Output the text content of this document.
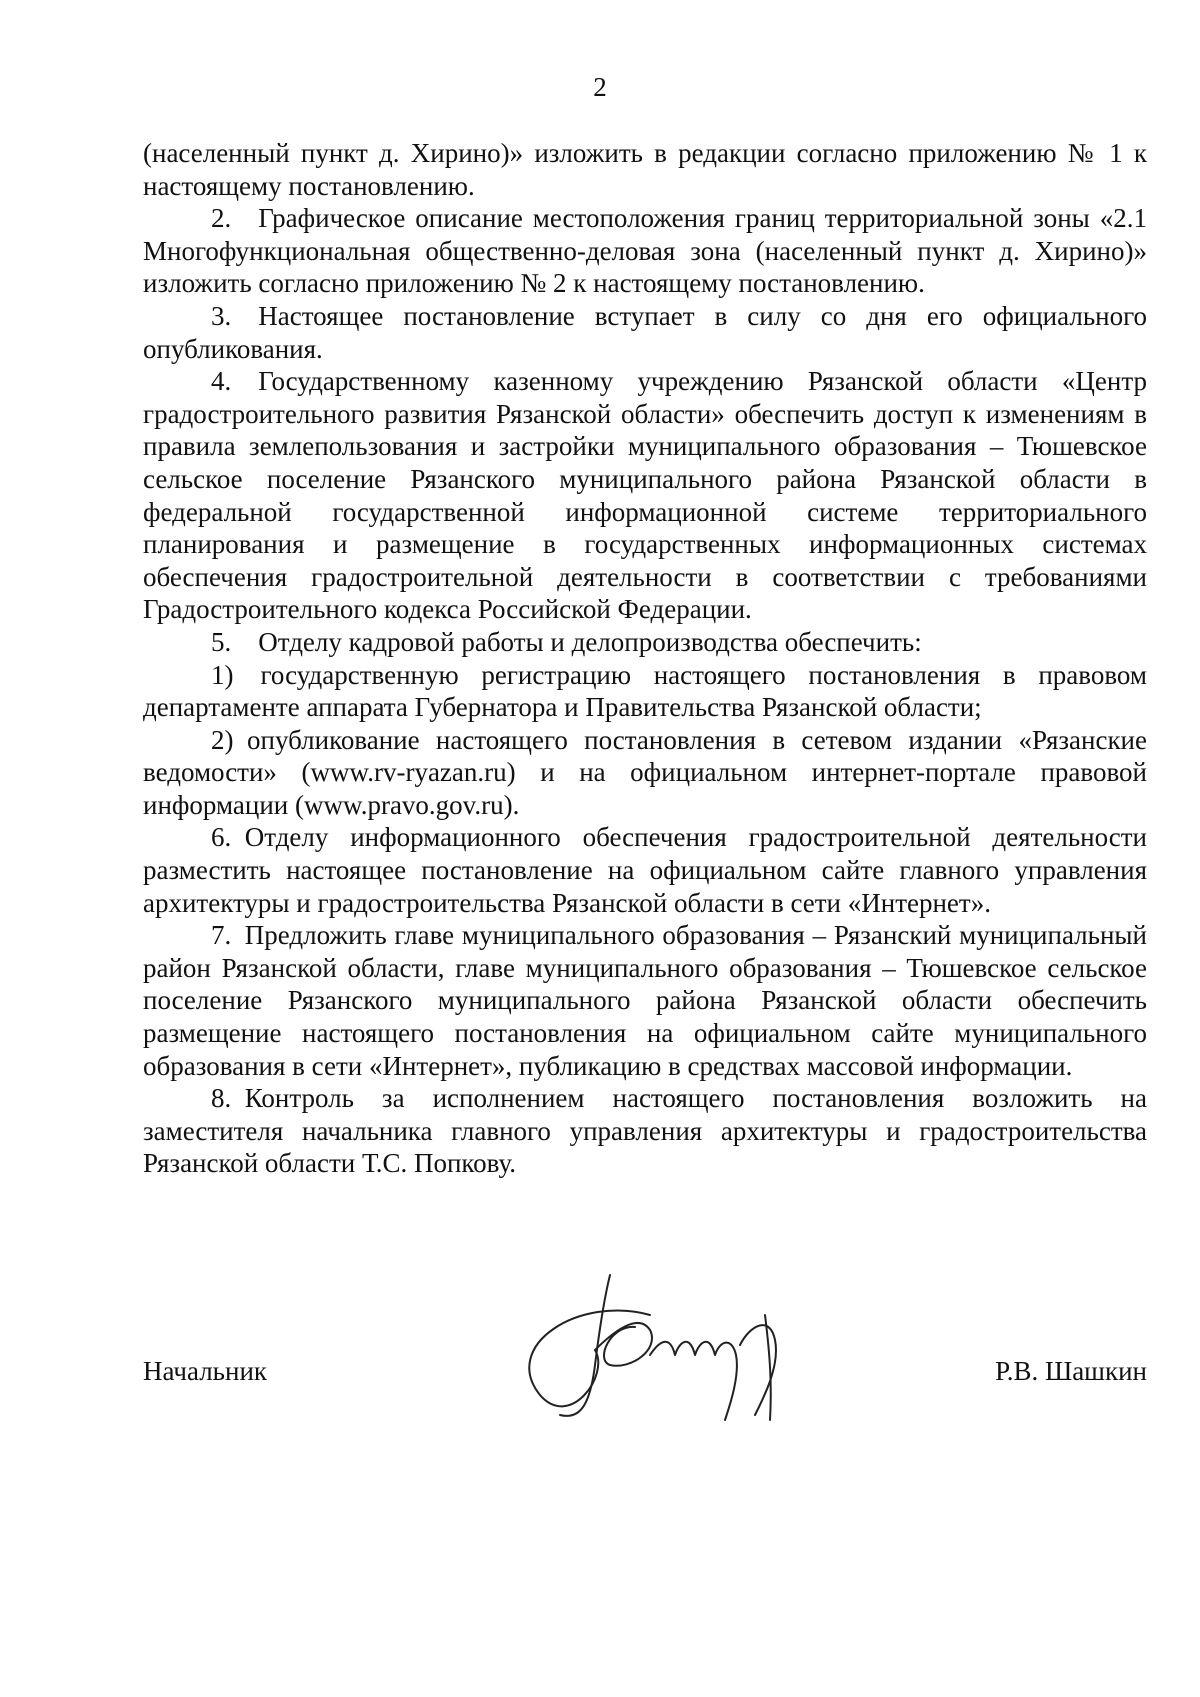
2

(населенный пункт д. Хирино)» изложить в редакции согласно приложению № 1 к настоящему постановлению.

2. Графическое описание местоположения границ территориальной зоны «2.1 Многофункциональная общественно-деловая зона (населенный пункт д. Хирино)» изложить согласно приложению № 2 к настоящему постановлению.

3. Настоящее постановление вступает в силу со дня его официального опубликования.

4. Государственному казенному учреждению Рязанской области «Центр градостроительного развития Рязанской области» обеспечить доступ к изменениям в правила землепользования и застройки муниципального образования – Тюшевское сельское поселение Рязанского муниципального района Рязанской области в федеральной государственной информационной системе территориального планирования и размещение в государственных информационных системах обеспечения градостроительной деятельности в соответствии с требованиями Градостроительного кодекса Российской Федерации.

5. Отделу кадровой работы и делопроизводства обеспечить:

1) государственную регистрацию настоящего постановления в правовом департаменте аппарата Губернатора и Правительства Рязанской области;

2) опубликование настоящего постановления в сетевом издании «Рязанские ведомости» (www.rv-ryazan.ru) и на официальном интернет-портале правовой информации (www.pravo.gov.ru).

6. Отделу информационного обеспечения градостроительной деятельности разместить настоящее постановление на официальном сайте главного управления архитектуры и градостроительства Рязанской области в сети «Интернет».

7. Предложить главе муниципального образования – Рязанский муниципальный район Рязанской области, главе муниципального образования – Тюшевское сельское поселение Рязанского муниципального района Рязанской области обеспечить размещение настоящего постановления на официальном сайте муниципального образования в сети «Интернет», публикацию в средствах массовой информации.

8. Контроль за исполнением настоящего постановления возложить на заместителя начальника главного управления архитектуры и градостроительства Рязанской области Т.С. Попкову.

Начальник	Р.В. Шашкин
